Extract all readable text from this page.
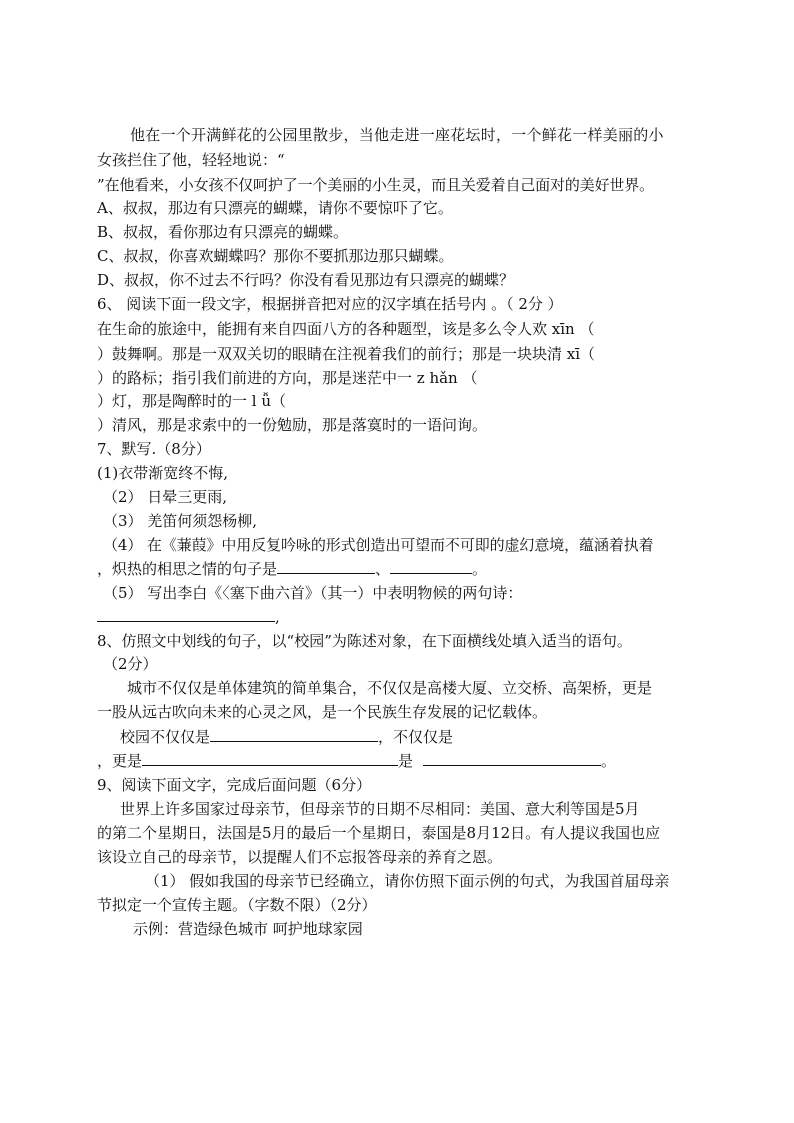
他在一个开满鲜花的公园里散步，当他走进一座花坛时，一个鲜花一样美丽的小
女孩拦住了他，轻轻地说：“
”在他看来，小女孩不仅呵护了一个美丽的小生灵，而且关爱着自己面对的美好世界。
A、叔叔，那边有只漂亮的蝴蝶，请你不要惊吓了它。
B、叔叔，看你那边有只漂亮的蝴蝶。
C、叔叔，你喜欢蝴蝶吗？那你不要抓那边那只蝴蝶。
D、叔叔，你不过去不行吗？你没有看见那边有只漂亮的蝴蝶？
6、 阅读下面一段文字，根据拼音把对应的汉字填在括号内 。（ 2分 ）
在生命的旅途中，能拥有来自四面八方的各种题型，该是多么令人欢 xīn （
）鼓舞啊。那是一双双关切的眼睛在注视着我们的前行；那是一块块清 xī（
）的路标；指引我们前进的方向，那是迷茫中一 z hǎn （
）灯，那是陶醉时的一 l ǚ（
）清风，那是求索中的一份勉励，那是落寞时的一语问询。
7、默写.（8分）
(1)衣带渐宽终不悔,
（2） 日晕三更雨,
（3） 羌笛何须怨杨柳,
（4） 在《蒹葭》中用反复吟咏的形式创造出可望而不可即的虚幻意境，蕴涵着执着
，炽热的相思之情的句子是	、	。
（5） 写出李白《〈塞下曲六首》（其一）中表明物候的两句诗：
,
8、仿照文中划线的句子，以“校园”为陈述对象，在下面横线处填入适当的语句。
（2分）
城市不仅仅是单体建筑的简单集合，不仅仅是高楼大厦、立交桥、高架桥，更是
一股从远古吹向未来的心灵之风，是一个民族生存发展的记忆载体。
校园不仅仅是	，不仅仅是
，更是	是	。
9、阅读下面文字，完成后面问题（6分）
世界上许多国家过母亲节，但母亲节的日期不尽相同：美国、意大利等国是5月
的第二个星期日，法国是5月的最后一个星期日，泰国是8月12日。有人提议我国也应
该设立自己的母亲节，以提醒人们不忘报答母亲的养育之恩。
（1） 假如我国的母亲节已经确立，请你仿照下面示例的句式，为我国首届母亲
节拟定一个宣传主题。（字数不限）（2分）
示例：营造绿色城市 呵护地球家园
